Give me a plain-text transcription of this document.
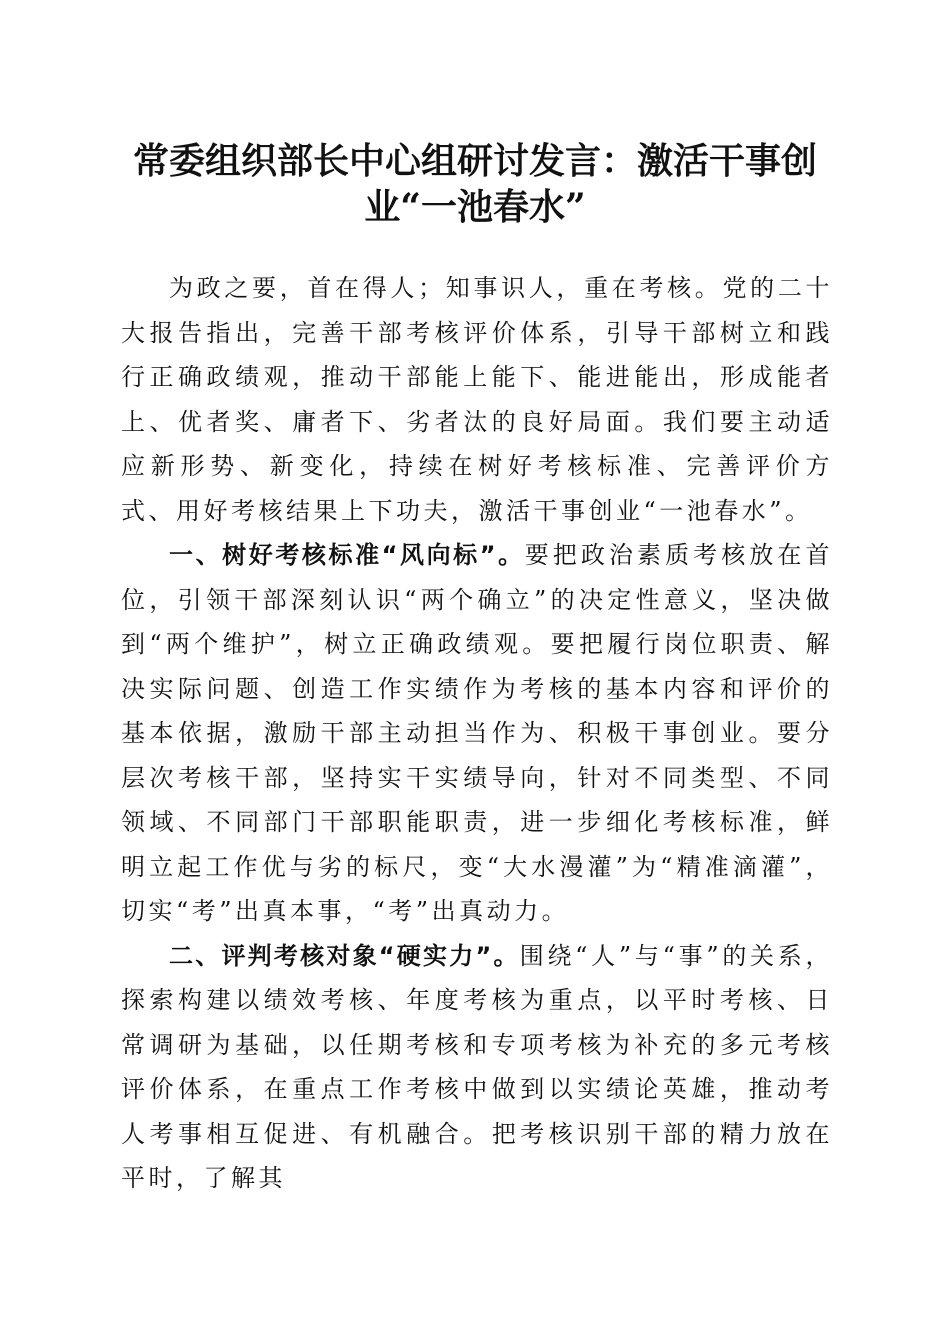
常委组织部长中心组研讨发言：激活干事创
业“一池春水”

为政之要，首在得人；知事识人，重在考核。党的二十大报告指出，完善干部考核评价体系，引导干部树立和践行正确政绩观，推动干部能上能下、能进能出，形成能者上、优者奖、庸者下、劣者汰的良好局面。我们要主动适应新形势、新变化，持续在树好考核标准、完善评价方式、用好考核结果上下功夫，激活干事创业“一池春水”。

一、树好考核标准“风向标”。要把政治素质考核放在首位，引领干部深刻认识“两个确立”的决定性意义，坚决做到“两个维护”，树立正确政绩观。要把履行岗位职责、解决实际问题、创造工作实绩作为考核的基本内容和评价的基本依据，激励干部主动担当作为、积极干事创业。要分层次考核干部，坚持实干实绩导向，针对不同类型、不同领域、不同部门干部职能职责，进一步细化考核标准，鲜明立起工作优与劣的标尺，变“大水漫灌”为“精准滴灌”，切实“考”出真本事，“考”出真动力。

二、评判考核对象“硬实力”。围绕“人”与“事”的关系，探索构建以绩效考核、年度考核为重点，以平时考核、日常调研为基础，以任期考核和专项考核为补充的多元考核评价体系，在重点工作考核中做到以实绩论英雄，推动考人考事相互促进、有机融合。把考核识别干部的精力放在平时，了解其
